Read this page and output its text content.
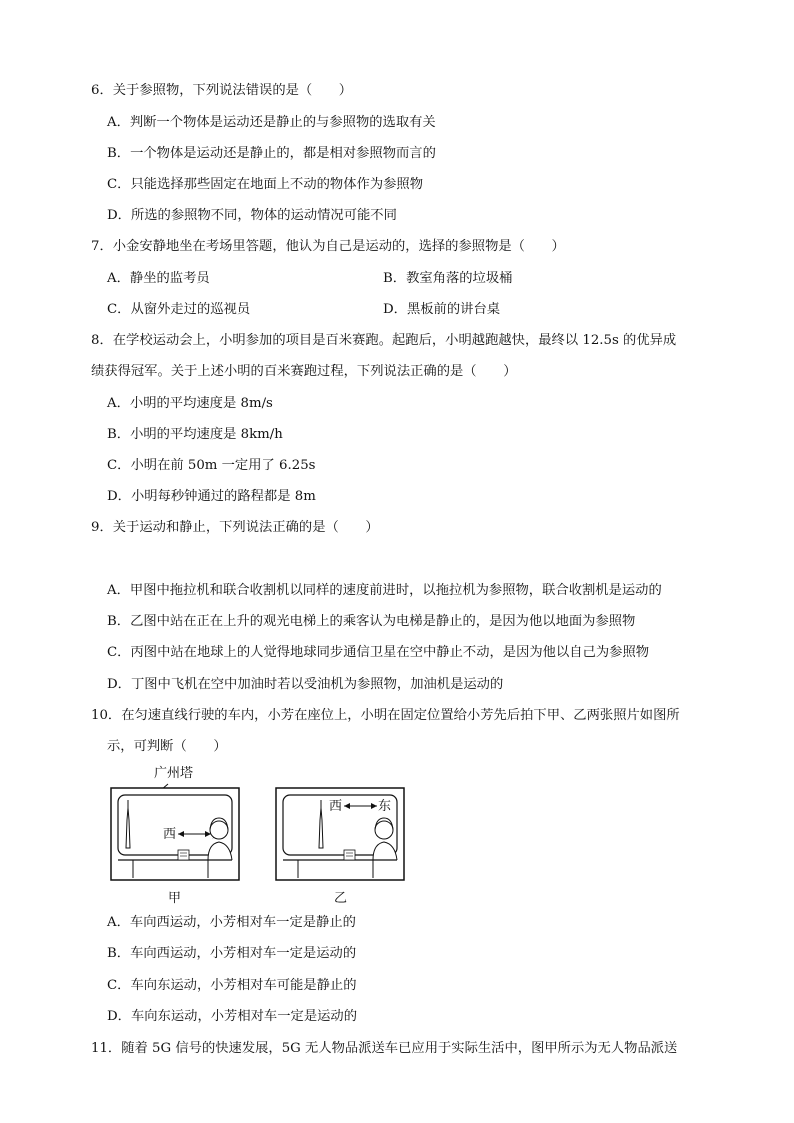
6．关于参照物，下列说法错误的是（　　）
A．判断一个物体是运动还是静止的与参照物的选取有关
B．一个物体是运动还是静止的，都是相对参照物而言的
C．只能选择那些固定在地面上不动的物体作为参照物
D．所选的参照物不同，物体的运动情况可能不同
7．小金安静地坐在考场里答题，他认为自己是运动的，选择的参照物是（　　）
A．静坐的监考员	B．教室角落的垃圾桶
C．从窗外走过的巡视员	D．黑板前的讲台桌
8．在学校运动会上，小明参加的项目是百米赛跑。起跑后，小明越跑越快，最终以 12.5s 的优异成
绩获得冠军。关于上述小明的百米赛跑过程，下列说法正确的是（　　）
A．小明的平均速度是 8m/s
B．小明的平均速度是 8km/h
C．小明在前 50m 一定用了 6.25s
D．小明每秒钟通过的路程都是 8m
9．关于运动和静止，下列说法正确的是（　　）
A．甲图中拖拉机和联合收割机以同样的速度前进时，以拖拉机为参照物，联合收割机是运动的
B．乙图中站在正在上升的观光电梯上的乘客认为电梯是静止的，是因为他以地面为参照物
C．丙图中站在地球上的人觉得地球同步通信卫星在空中静止不动，是因为他以自己为参照物
D．丁图中飞机在空中加油时若以受油机为参照物，加油机是运动的
10．在匀速直线行驶的车内，小芳在座位上，小明在固定位置给小芳先后拍下甲、乙两张照片如图所
示，可判断（　　）
广州塔
西
西	东
甲	乙
A．车向西运动，小芳相对车一定是静止的
B．车向西运动，小芳相对车一定是运动的
C．车向东运动，小芳相对车可能是静止的
D．车向东运动，小芳相对车一定是运动的
11．随着 5G 信号的快速发展，5G 无人物品派送车已应用于实际生活中，图甲所示为无人物品派送
